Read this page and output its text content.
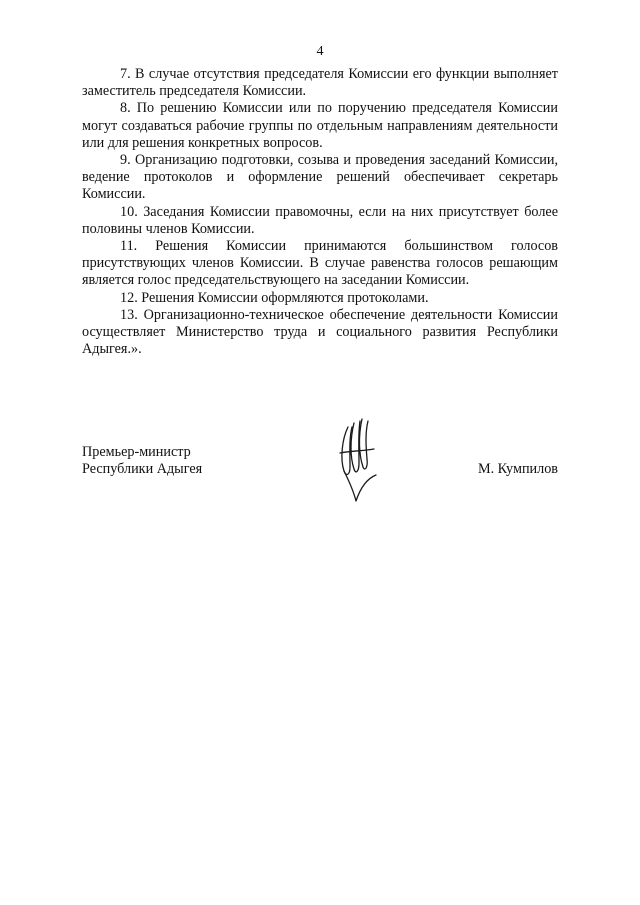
4

7. В случае отсутствия председателя Комиссии его функции выполняет заместитель председателя Комиссии.

8. По решению Комиссии или по поручению председателя Комиссии могут создаваться рабочие группы по отдельным направлениям деятельности или для решения конкретных вопросов.

9. Организацию подготовки, созыва и проведения заседаний Комиссии, ведение протоколов и оформление решений обеспечивает секретарь Комиссии.

10. Заседания Комиссии правомочны, если на них присутствует более половины членов Комиссии.

11. Решения Комиссии принимаются большинством голосов присутствующих членов Комиссии. В случае равенства голосов решающим является голос председательствующего на заседании Комиссии.

12. Решения Комиссии оформляются протоколами.

13. Организационно-техническое обеспечение деятельности Комиссии осуществляет Министерство труда и социального развития Республики Адыгея.».

Премьер-министр
Республики Адыгея	М. Кумпилов
